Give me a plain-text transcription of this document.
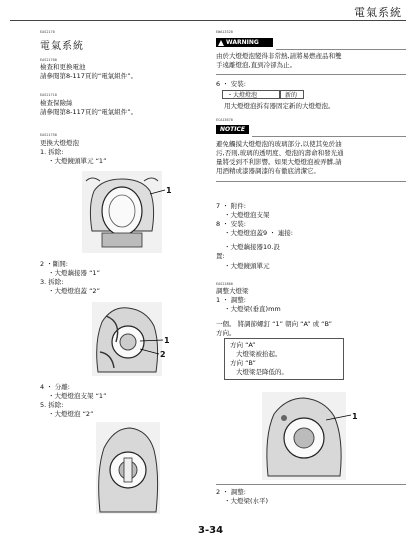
電氣系統
EAS2170
電氣系統
EAS21700
檢查和更換電池
請參閱第8-117頁的“電氣組件”。
EAS21710
檢查保險絲
請參閱第8-117頁的“電氣組件”。
EAS21750
更換大燈燈泡
1. 拆除:
・大燈鏡頭單元 “1”
1
2 ・斷開:
・大燈藕接器 “1”
3. 拆除:
・大燈燈泡蓋 “2”
1
2
4 ・ 分離:
・大燈燈泡支架 “1”
5. 拆除:
・大燈燈泡 “2”
EWA13320
WARNING
由於大燈燈泡變得非常熱,請將易燃產品和雙
手遠離燈泡,直到冷卻為止。
6 ・ 安裝:
・大燈燈泡	新的
用大燈燈泡拆有器固定新的大燈燈泡。
ECA13670
NOTICE
避免觸摸大燈燈泡的玻璃部分,以使其免於油
污,否則,玻璃的透明度、燈泡的壽命和發光通
量將受到不利影響。如果大燈燈泡被弄髒,請
用酒精或漆器調漆的布徹底清潔它。
7 ・ 附件:
・大燈燈泡支架
8 ・ 安裝:
・大燈燈泡蓋9 ・ 連接:
・大燈藕接器10.設
置:
・大燈鏡頭單元
EAS21860
調整大燈梁
1 ・ 調整:
・大燈梁(垂直)mm
一個。 將調節螺釘 “1” 朝向 “A” 或 “B”
方向。
方向 “A”
大燈梁被抬起。
方向 “B”
大燈梁是降低的。
1
2 ・ 調整:
・大燈梁(水平)
3-34
